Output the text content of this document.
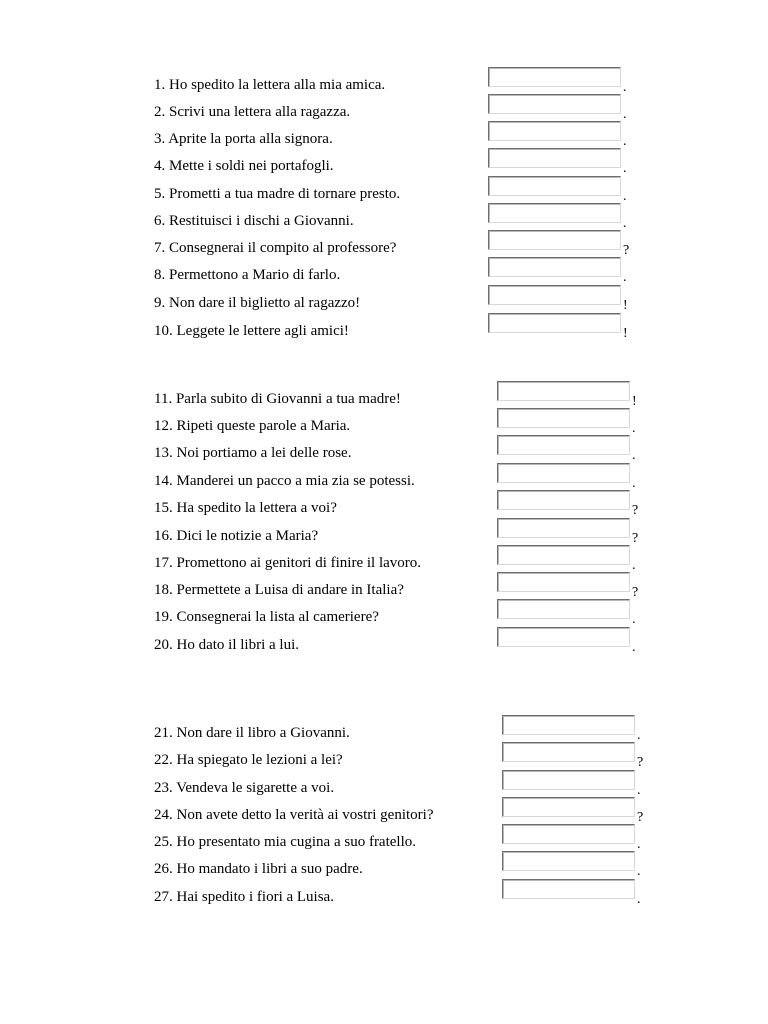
1. Ho spedito la lettera alla mia amica.	.
2. Scrivi una lettera alla ragazza.	.
3. Aprite la porta alla signora.	.
4. Mette i soldi nei portafogli.	.
5. Prometti a tua madre di tornare presto.	.
6. Restituisci i dischi a Giovanni.	.
7. Consegnerai il compito al professore?	?
8. Permettono a Mario di farlo.	.
9. Non dare il biglietto al ragazzo!	!
10. Leggete le lettere agli amici!	!
11. Parla subito di Giovanni a tua madre!	!
12. Ripeti queste parole a Maria.	.
13. Noi portiamo a lei delle rose.	.
14. Manderei un pacco a mia zia se potessi.	.
15. Ha spedito la lettera a voi?	?
16. Dici le notizie a Maria?	?
17. Promettono ai genitori di finire il lavoro.	.
18. Permettete a Luisa di andare in Italia?	?
19. Consegnerai la lista al cameriere?	.
20. Ho dato il libri a lui.	.
21. Non dare il libro a Giovanni.	.
22. Ha spiegato le lezioni a lei?	?
23. Vendeva le sigarette a voi.	.
24. Non avete detto la verità ai vostri genitori?	?
25. Ho presentato mia cugina a suo fratello.	.
26. Ho mandato i libri a suo padre.	.
27. Hai spedito i fiori a Luisa.	.
